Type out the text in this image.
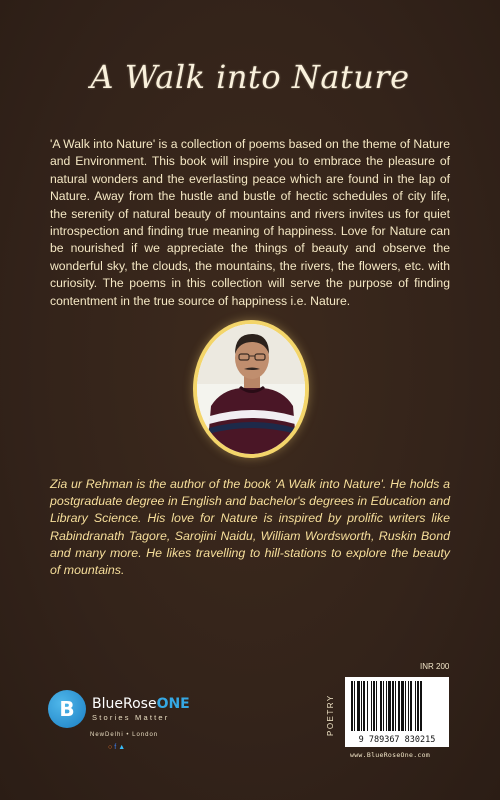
A Walk into Nature
'A Walk into Nature' is a collection of poems based on the theme of Nature and Environment. This book will inspire you to embrace the pleasure of natural wonders and the everlasting peace which are found in the lap of Nature. Away from the hustle and bustle of hectic schedules of city life, the serenity of natural beauty of mountains and rivers invites us for quiet introspection and finding true meaning of happiness. Love for Nature can be nourished if we appreciate the things of beauty and observe the wonderful sky, the clouds, the mountains, the rivers, the flowers, etc. with curiosity. The poems in this collection will serve the purpose of finding contentment in the true source of happiness i.e. Nature.
Zia ur Rehman is the author of the book 'A Walk into Nature'. He holds a postgraduate degree in English and bachelor's degrees in Education and Library Science. His love for Nature is inspired by prolific writers like Rabindranath Tagore, Sarojini Naidu, William Wordsworth, Ruskin Bond and many more. He likes travelling to hill-stations to explore the beauty of mountains.
B	BlueRoseONE
Stories Matter
NewDelhi • London
○f▲
INR 200
POETRY
9 789367 830215
www.BlueRoseOne.com
